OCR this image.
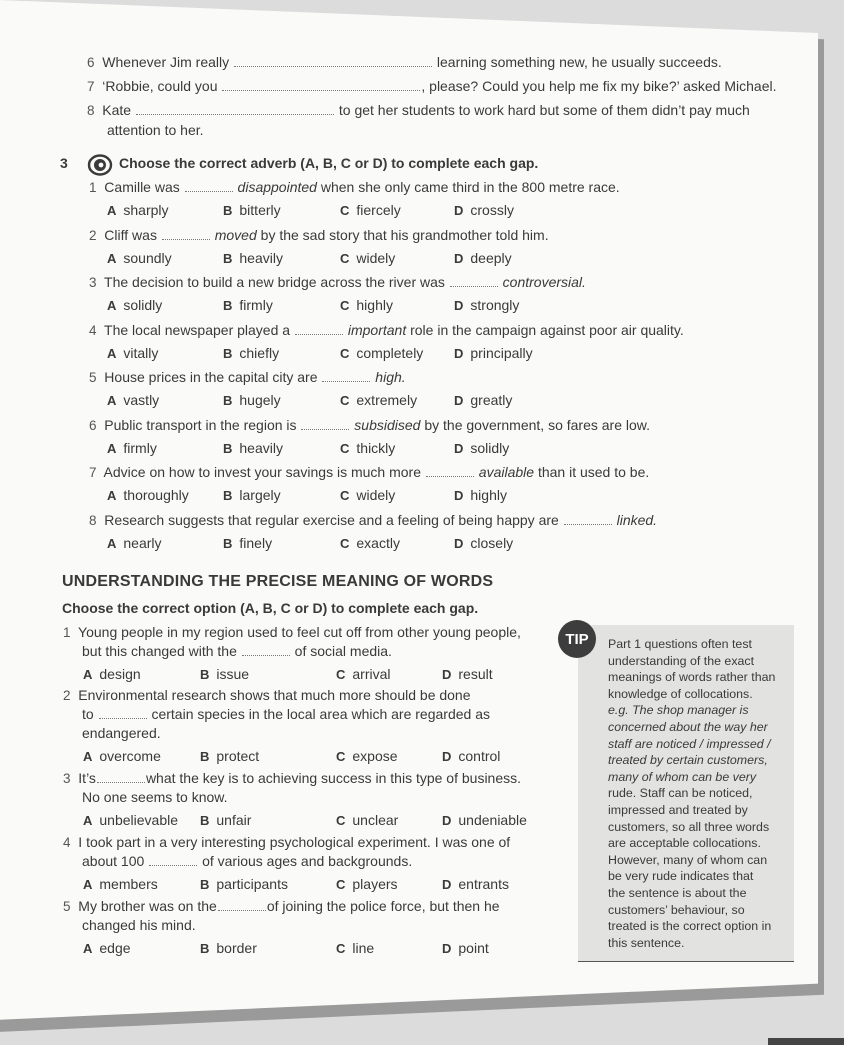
6 Whenever Jim really	learning something new, he usually succeeds.
7 ‘Robbie, could you	, please? Could you help me fix my bike?’ asked Michael.
8 Kate	to get her students to work hard but some of them didn’t pay much
attention to her.
3	Choose the correct adverb (A, B, C or D) to complete each gap.
1 Camille was	disappointed when she only came third in the 800 metre race.
A sharply	B bitterly	C fiercely	D crossly
2 Cliff was	moved by the sad story that his grandmother told him.
A soundly	B heavily	C widely	D deeply
3 The decision to build a new bridge across the river was	controversial.
A solidly	B firmly	C highly	D strongly
4 The local newspaper played a	important role in the campaign against poor air quality.
A vitally	B chiefly	C completely D principally
5 House prices in the capital city are	high.
A vastly	B hugely	C extremely	D greatly
6 Public transport in the region is	subsidised by the government, so fares are low.
A firmly	B heavily	C thickly	D solidly
7 Advice on how to invest your savings is much more	available than it used to be.
A thoroughly	B largely	C widely	D highly
8 Research suggests that regular exercise and a feeling of being happy are	linked.
A nearly	B finely	C exactly	D closely
UNDERSTANDING THE PRECISE MEANING OF WORDS
Choose the correct option (A, B, C or D) to complete each gap.
1 Young people in my region used to feel cut off from other young people,
but this changed with the	of social media.
A design	B issue	C arrival	D result
2 Environmental research shows that much more should be done
to	certain species in the local area which are regarded as
endangered.
A overcome	B protect	C expose	D control
3 It’s	what the key is to achieving success in this type of business.
No one seems to know.
A unbelievable B unfair	C unclear	D undeniable
4 I took part in a very interesting psychological experiment. I was one of
about 100	of various ages and backgrounds.
A members	B participants	C players	D entrants
5 My brother was on the	of joining the police force, but then he
changed his mind.
A edge	B border	C line	D point
TIP	Part 1 questions often test
understanding of the exact
meanings of words rather than
knowledge of collocations.
e.g. The shop manager is
concerned about the way her
staff are noticed / impressed /
treated by certain customers,
many of whom can be very
rude. Staff can be noticed,
impressed and treated by
customers, so all three words
are acceptable collocations.
However, many of whom can
be very rude indicates that
the sentence is about the
customers’ behaviour, so
treated is the correct option in
this sentence.
